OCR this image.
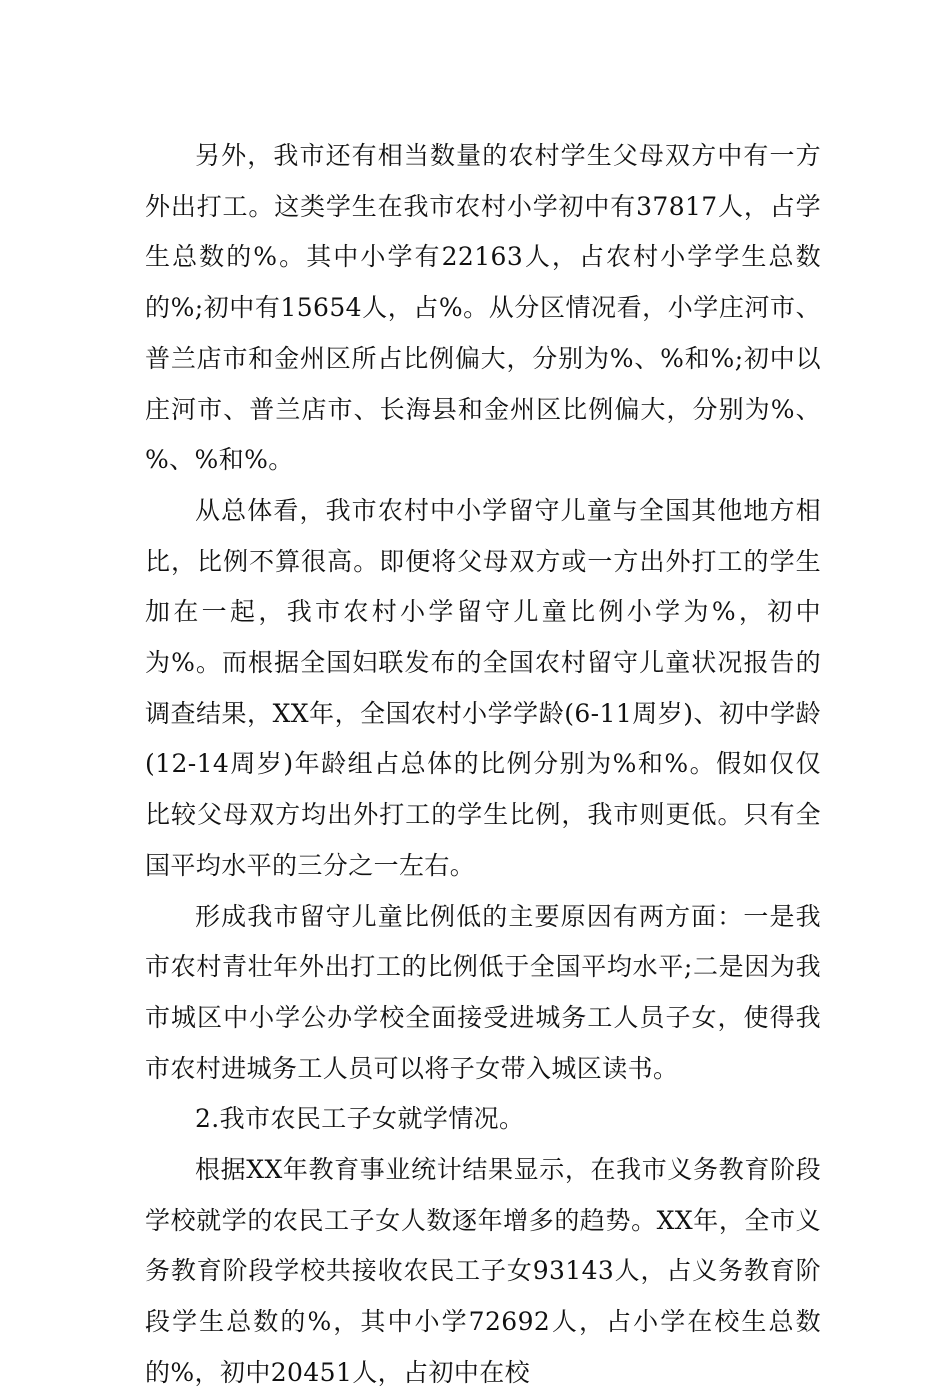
另外，我市还有相当数量的农村学生父母双方中有一方外出打工。这类学生在我市农村小学初中有37817人，占学生总数的%。其中小学有22163人，占农村小学学生总数的%;初中有15654人，占%。从分区情况看，小学庄河市、普兰店市和金州区所占比例偏大，分别为%、%和%;初中以庄河市、普兰店市、长海县和金州区比例偏大，分别为%、%、%和%。

从总体看，我市农村中小学留守儿童与全国其他地方相比，比例不算很高。即便将父母双方或一方出外打工的学生加在一起，我市农村小学留守儿童比例小学为%，初中为%。而根据全国妇联发布的全国农村留守儿童状况报告的调查结果，XX年，全国农村小学学龄(6-11周岁)、初中学龄(12-14周岁)年龄组占总体的比例分别为%和%。假如仅仅比较父母双方均出外打工的学生比例，我市则更低。只有全国平均水平的三分之一左右。

形成我市留守儿童比例低的主要原因有两方面：一是我市农村青壮年外出打工的比例低于全国平均水平;二是因为我市城区中小学公办学校全面接受进城务工人员子女，使得我市农村进城务工人员可以将子女带入城区读书。

2.我市农民工子女就学情况。

根据XX年教育事业统计结果显示，在我市义务教育阶段学校就学的农民工子女人数逐年增多的趋势。XX年，全市义务教育阶段学校共接收农民工子女93143人，占义务教育阶段学生总数的%，其中小学72692人，占小学在校生总数的%，初中20451人，占初中在校
